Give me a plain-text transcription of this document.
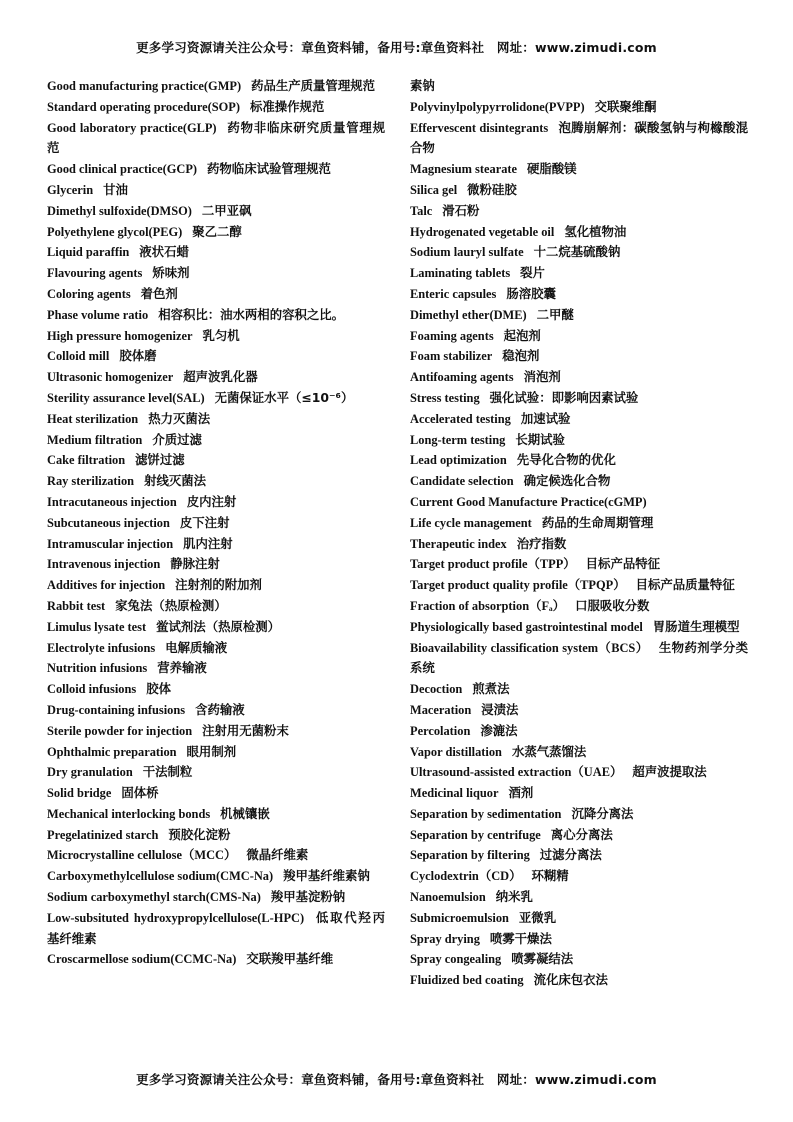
更多学习资源请关注公众号：章鱼资料铺，备用号:章鱼资料社　网址：www.zimudi.com
Good manufacturing practice(GMP) 药品生产质量管理规范
Standard operating procedure(SOP) 标准操作规范
Good laboratory practice(GLP) 药物非临床研究质量管理规范
Good clinical practice(GCP) 药物临床试验管理规范
Glycerin 甘油
Dimethyl sulfoxide(DMSO) 二甲亚砜
Polyethylene glycol(PEG) 聚乙二醇
Liquid paraffin 液状石蜡
Flavouring agents 矫味剂
Coloring agents 着色剂
Phase volume ratio 相容积比：油水两相的容积之比。
High pressure homogenizer 乳匀机
Colloid mill 胶体磨
Ultrasonic homogenizer 超声波乳化器
Sterility assurance level(SAL) 无菌保证水平（≤10⁻⁶）
Heat sterilization 热力灭菌法
Medium filtration 介质过滤
Cake filtration 滤饼过滤
Ray sterilization 射线灭菌法
Intracutaneous injection 皮内注射
Subcutaneous injection 皮下注射
Intramuscular injection 肌内注射
Intravenous injection 静脉注射
Additives for injection 注射剂的附加剂
Rabbit test 家兔法（热原检测）
Limulus lysate test 鲎试剂法（热原检测）
Electrolyte infusions 电解质输液
Nutrition infusions 营养输液
Colloid infusions 胶体
Drug-containing infusions 含药输液
Sterile powder for injection 注射用无菌粉末
Ophthalmic preparation 眼用制剂
Dry granulation 干法制粒
Solid bridge 固体桥
Mechanical interlocking bonds 机械镶嵌
Pregelatinized starch 预胶化淀粉
Microcrystalline cellulose（MCC） 微晶纤维素
Carboxymethylcellulose sodium(CMC-Na) 羧甲基纤维素钠
Sodium carboxymethyl starch(CMS-Na) 羧甲基淀粉钠
Low-subsituted hydroxypropylcellulose(L-HPC) 低取代羟丙基纤维素
Croscarmellose sodium(CCMC-Na) 交联羧甲基纤维
素钠
Polyvinylpolypyrrolidone(PVPP) 交联聚维酮
Effervescent disintegrants 泡腾崩解剂：碳酸氢钠与枸橼酸混合物
Magnesium stearate 硬脂酸镁
Silica gel 微粉硅胶
Talc 滑石粉
Hydrogenated vegetable oil 氢化植物油
Sodium lauryl sulfate 十二烷基硫酸钠
Laminating tablets 裂片
Enteric capsules 肠溶胶囊
Dimethyl ether(DME) 二甲醚
Foaming agents 起泡剂
Foam stabilizer 稳泡剂
Antifoaming agents 消泡剂
Stress testing 强化试验：即影响因素试验
Accelerated testing 加速试验
Long-term testing 长期试验
Lead optimization 先导化合物的优化
Candidate selection 确定候选化合物
Current Good Manufacture Practice(cGMP)
Life cycle management 药品的生命周期管理
Therapeutic index 治疗指数
Target product profile（TPP） 目标产品特征
Target product quality profile（TPQP） 目标产品质量特征
Fraction of absorption（Fₐ） 口服吸收分数
Physiologically based gastrointestinal model 胃肠道生理模型
Bioavailability classification system（BCS） 生物药剂学分类系统
Decoction 煎煮法
Maceration 浸渍法
Percolation 渗漉法
Vapor distillation 水蒸气蒸馏法
Ultrasound-assisted extraction（UAE） 超声波提取法
Medicinal liquor 酒剂
Separation by sedimentation 沉降分离法
Separation by centrifuge 离心分离法
Separation by filtering 过滤分离法
Cyclodextrin（CD） 环糊精
Nanoemulsion 纳米乳
Submicroemulsion 亚微乳
Spray drying 喷雾干燥法
Spray congealing 喷雾凝结法
Fluidized bed coating 流化床包衣法
更多学习资源请关注公众号：章鱼资料铺，备用号:章鱼资料社　网址：www.zimudi.com
